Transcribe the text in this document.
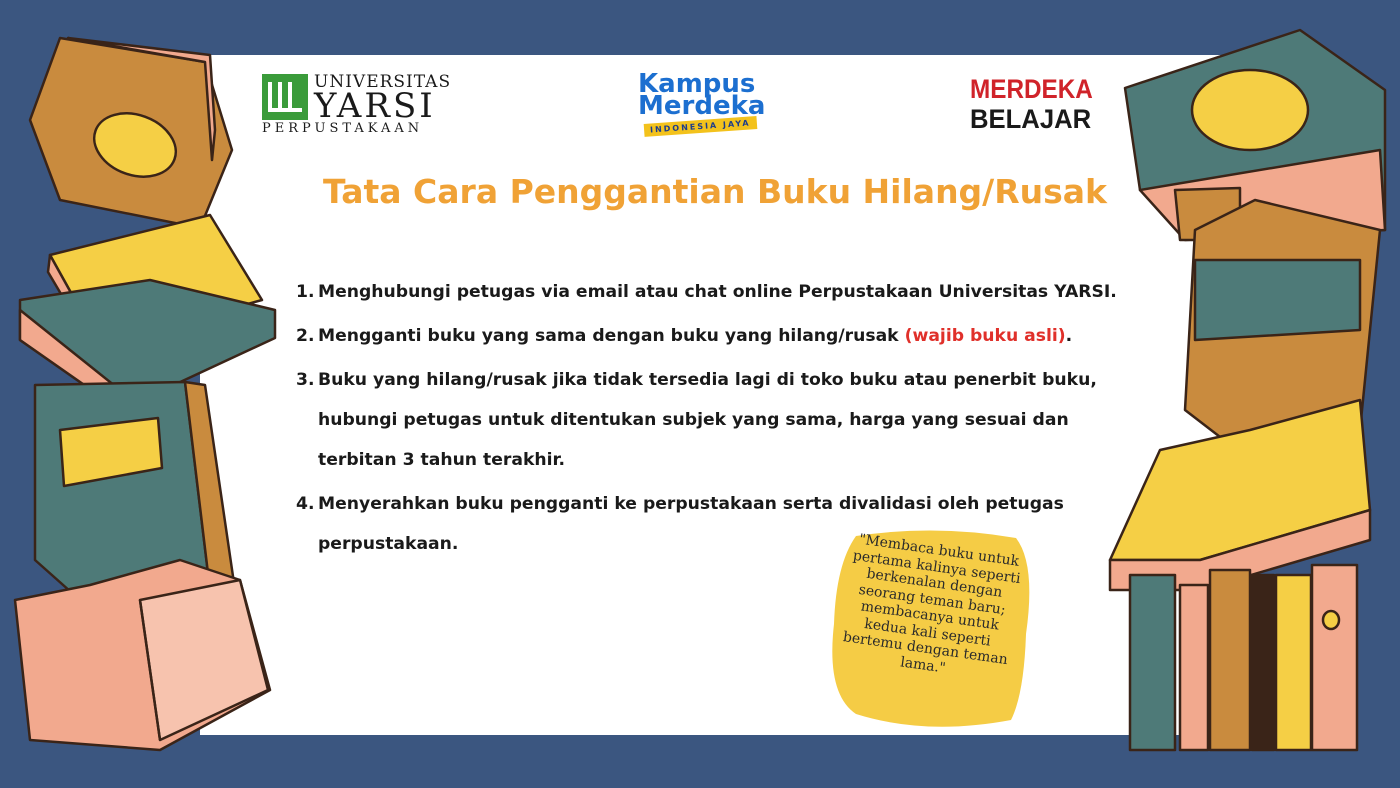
UNIVERSITAS
YARSI
PERPUSTAKAAN
Kampus
Merdeka
INDONESIA JAYA
MERDEKA
BELAJAR
Tata Cara Penggantian Buku Hilang/Rusak
1. Menghubungi petugas via email atau chat online Perpustakaan Universitas YARSI.
2. Mengganti buku yang sama dengan buku yang hilang/rusak (wajib buku asli).
3. Buku yang hilang/rusak jika tidak tersedia lagi di toko buku atau penerbit buku, hubungi petugas untuk ditentukan subjek yang sama, harga yang sesuai dan terbitan 3 tahun terakhir.
4. Menyerahkan buku pengganti ke perpustakaan serta divalidasi oleh petugas perpustakaan.	"Membaca buku untuk pertama kalinya seperti berkenalan dengan seorang teman baru; membacanya untuk kedua kali seperti bertemu dengan teman lama."
